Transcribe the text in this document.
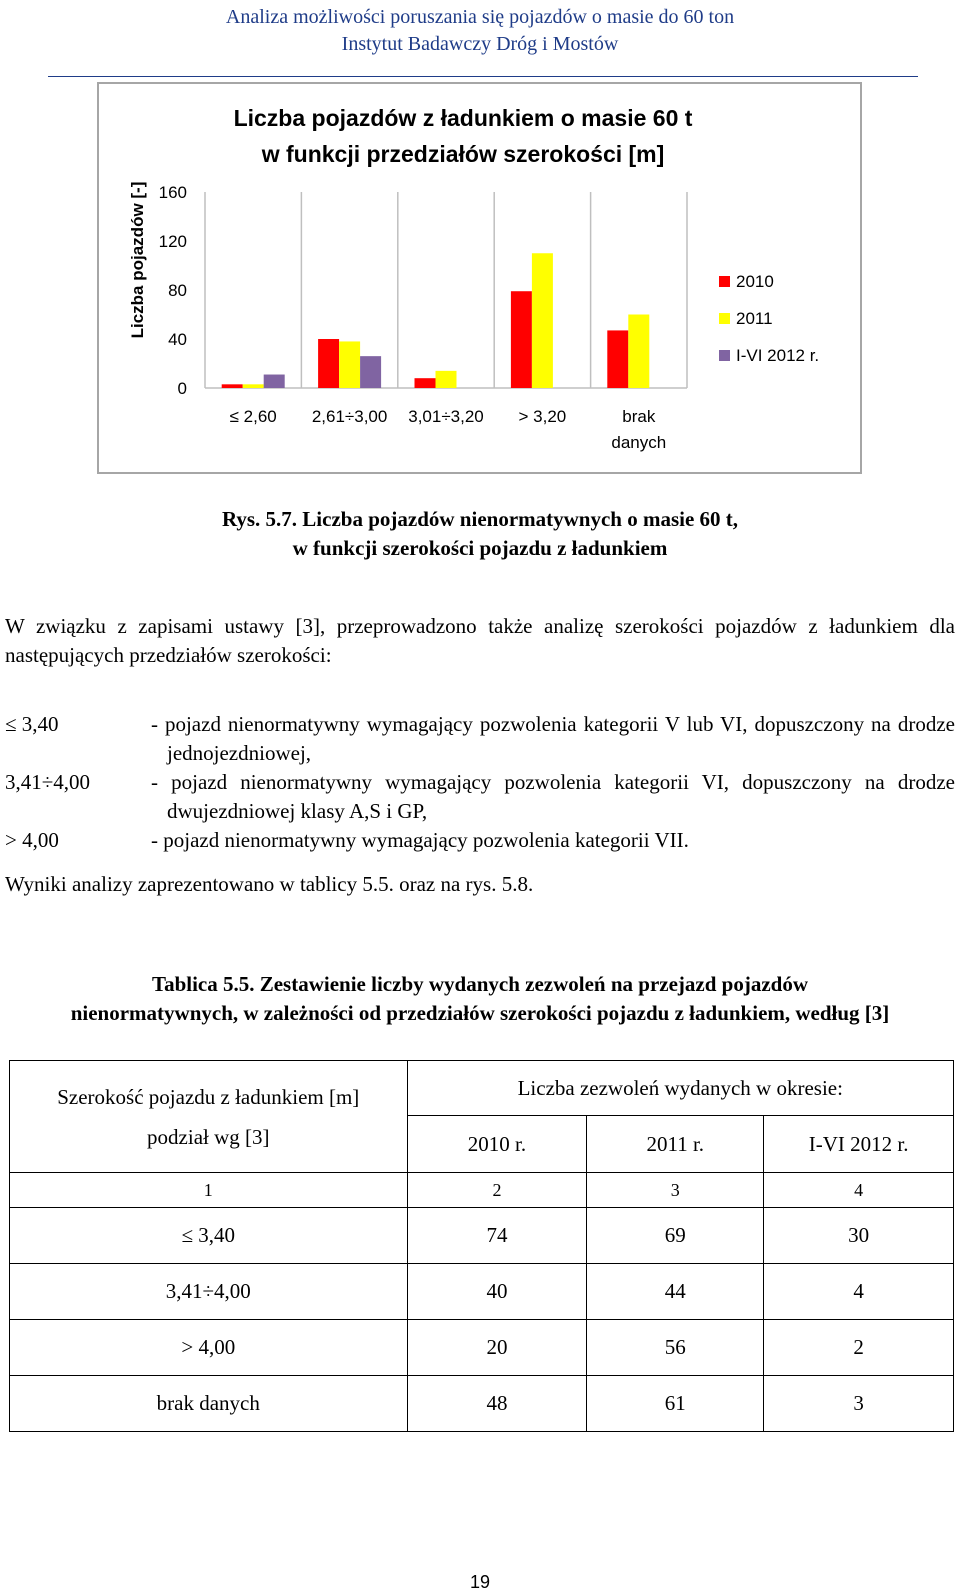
Analiza możliwości poruszania się pojazdów o masie do 60 ton
Instytut Badawczy Dróg i Mostów
Liczba pojazdów z ładunkiem o masie 60 t
w funkcji przedziałów szerokości [m]
Liczba pojazdów [-]
0
40
80
120
160
≤ 2,60 2,61÷3,00 3,01÷3,20 > 3,20	brak
danych
2010
2011
I-VI 2012 r.
Rys. 5.7. Liczba pojazdów nienormatywnych o masie 60 t,
w funkcji szerokości pojazdu z ładunkiem
W związku z zapisami ustawy [3], przeprowadzono także analizę szerokości pojazdów z ładunkiem dla następujących przedziałów szerokości:
≤ 3,40	- pojazd nienormatywny wymagający pozwolenia kategorii V lub VI, dopuszczony na drodze jednojezdniowej,
3,41÷4,00	- pojazd nienormatywny wymagający pozwolenia kategorii VI, dopuszczony na drodze dwujezdniowej klasy A,S i GP,
> 4,00	- pojazd nienormatywny wymagający pozwolenia kategorii VII.
Wyniki analizy zaprezentowano w tablicy 5.5. oraz na rys. 5.8.
Tablica 5.5. Zestawienie liczby wydanych zezwoleń na przejazd pojazdów
nienormatywnych, w zależności od przedziałów szerokości pojazdu z ładunkiem, według [3]
Szerokość pojazdu z ładunkiem [m]
podział wg [3]	Liczba zezwoleń wydanych w okresie:		
	2010 r.	2011 r.	I-VI 2012 r.
1	2	3	4
≤ 3,40	74	69	30
3,41÷4,00	40	44	4
> 4,00	20	56	2
brak danych	48	61	3
19
